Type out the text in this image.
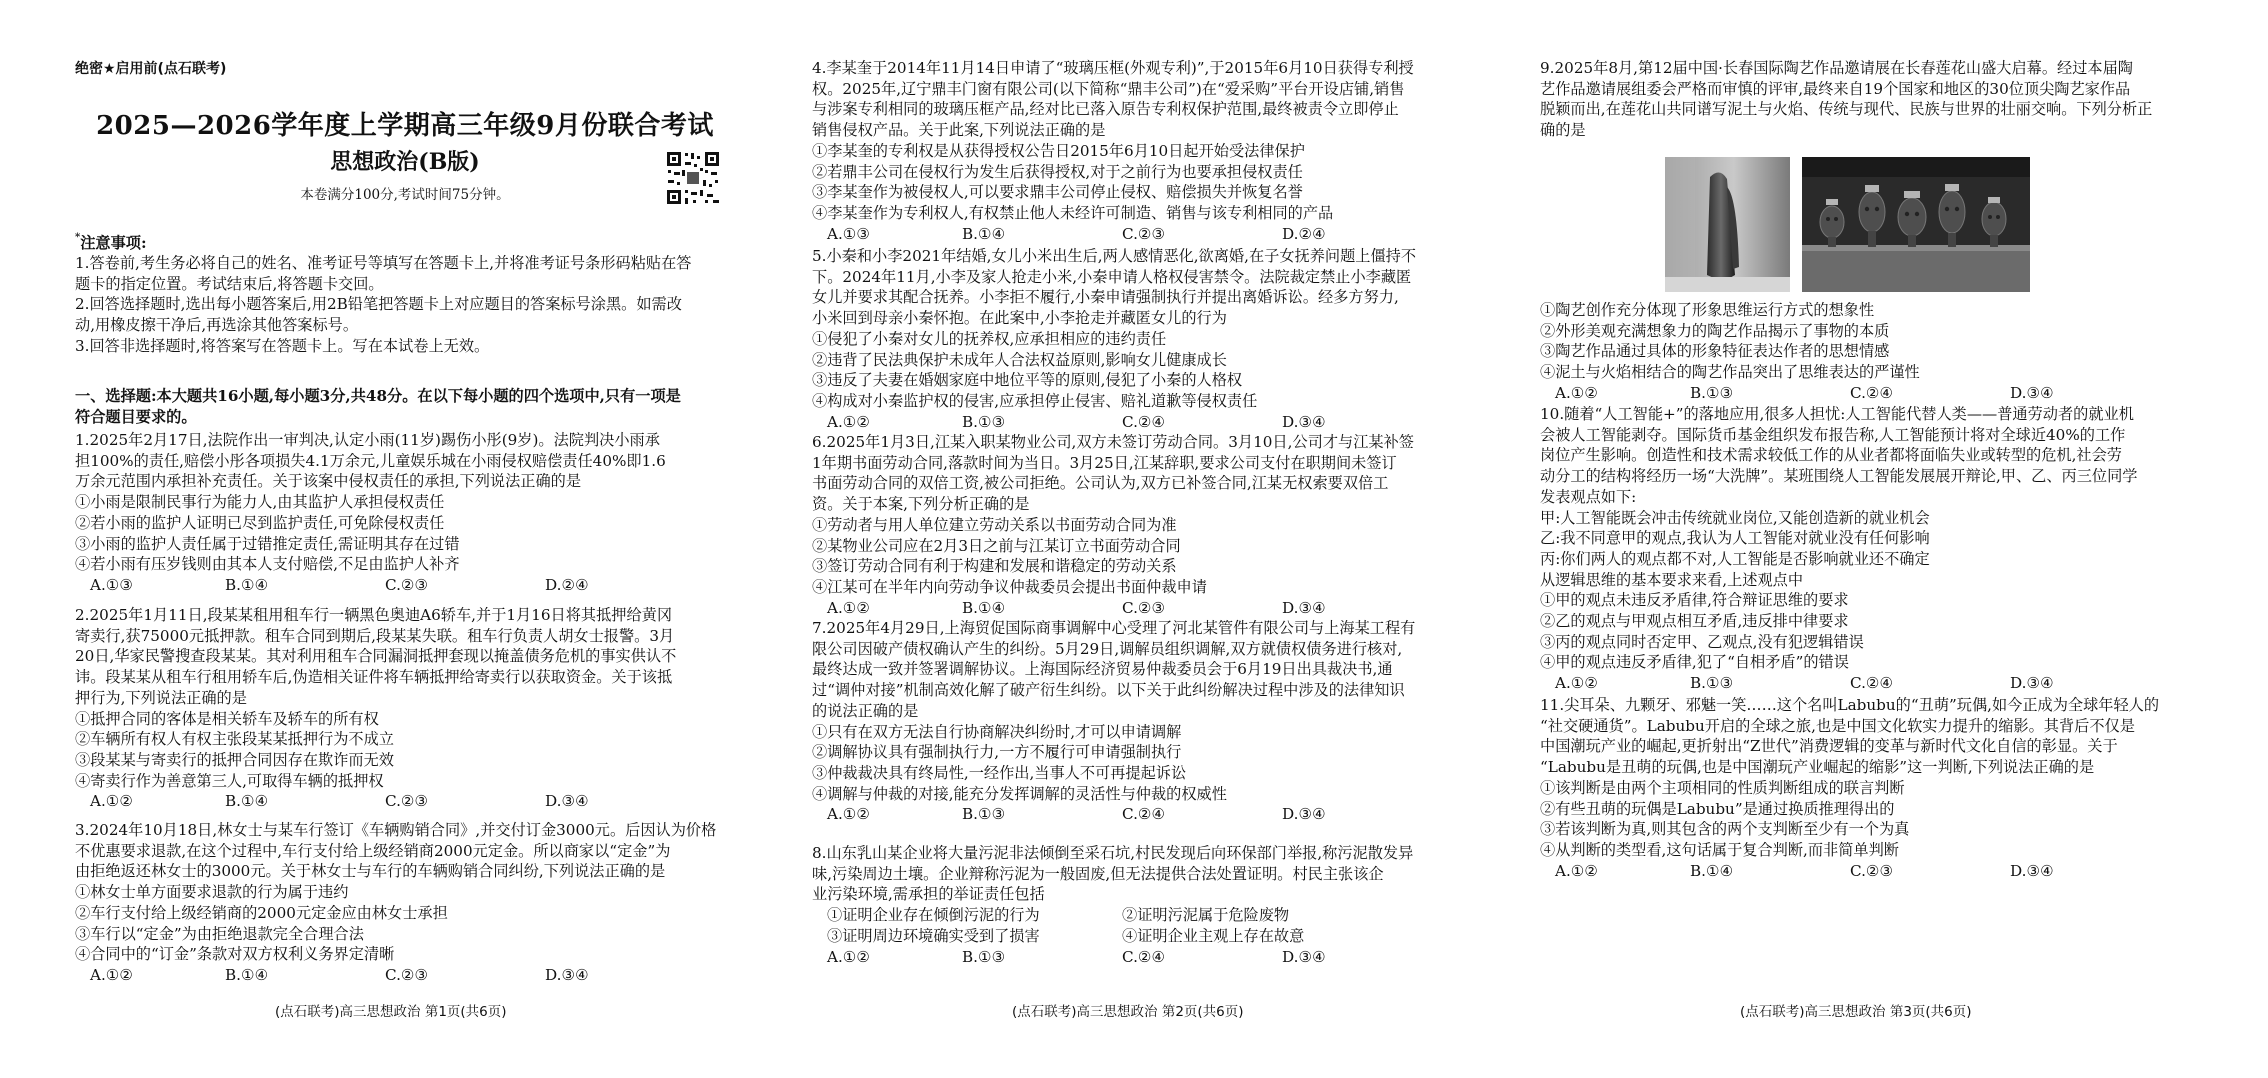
绝密★启用前(点石联考)
2025—2026学年度上学期高三年级9月份联合考试
思想政治(B版)
本卷满分100分,考试时间75分钟。
*注意事项:
1.答卷前,考生务必将自己的姓名、准考证号等填写在答题卡上,并将准考证号条形码粘贴在答
题卡的指定位置。考试结束后,将答题卡交回。
2.回答选择题时,选出每小题答案后,用2B铅笔把答题卡上对应题目的答案标号涂黑。如需改
动,用橡皮擦干净后,再选涂其他答案标号。
3.回答非选择题时,将答案写在答题卡上。写在本试卷上无效。
一、选择题:本大题共16小题,每小题3分,共48分。在以下每小题的四个选项中,只有一项是
符合题目要求的。
1.2025年2月17日,法院作出一审判决,认定小雨(11岁)踢伤小彤(9岁)。法院判决小雨承
担100%的责任,赔偿小彤各项损失4.1万余元,儿童娱乐城在小雨侵权赔偿责任40%即1.6
万余元范围内承担补充责任。关于该案中侵权责任的承担,下列说法正确的是
①小雨是限制民事行为能力人,由其监护人承担侵权责任
②若小雨的监护人证明已尽到监护责任,可免除侵权责任
③小雨的监护人责任属于过错推定责任,需证明其存在过错
④若小雨有压岁钱则由其本人支付赔偿,不足由监护人补齐
A.①③	B.①④	C.②③	D.②④
2.2025年1月11日,段某某租用租车行一辆黑色奥迪A6轿车,并于1月16日将其抵押给黄冈
寄卖行,获75000元抵押款。租车合同到期后,段某某失联。租车行负责人胡女士报警。3月
20日,华家民警搜查段某某。其对利用租车合同漏洞抵押套现以掩盖债务危机的事实供认不
讳。段某某从租车行租用轿车后,伪造相关证件将车辆抵押给寄卖行以获取资金。关于该抵
押行为,下列说法正确的是
①抵押合同的客体是相关轿车及轿车的所有权
②车辆所有权人有权主张段某某抵押行为不成立
③段某某与寄卖行的抵押合同因存在欺诈而无效
④寄卖行作为善意第三人,可取得车辆的抵押权
A.①②	B.①④	C.②③	D.③④
3.2024年10月18日,林女士与某车行签订《车辆购销合同》,并交付订金3000元。后因认为价格
不优惠要求退款,在这个过程中,车行支付给上级经销商2000元定金。所以商家以“定金”为
由拒绝返还林女士的3000元。关于林女士与车行的车辆购销合同纠纷,下列说法正确的是
①林女士单方面要求退款的行为属于违约
②车行支付给上级经销商的2000元定金应由林女士承担
③车行以“定金”为由拒绝退款完全合理合法
④合同中的“订金”条款对双方权利义务界定清晰
A.①②	B.①④	C.②③	D.③④
(点石联考)高三思想政治 第1页(共6页)
4.李某奎于2014年11月14日申请了“玻璃压框(外观专利)”,于2015年6月10日获得专利授
权。2025年,辽宁鼎丰门窗有限公司(以下简称“鼎丰公司”)在“爱采购”平台开设店铺,销售
与涉案专利相同的玻璃压框产品,经对比已落入原告专利权保护范围,最终被责令立即停止
销售侵权产品。关于此案,下列说法正确的是
①李某奎的专利权是从获得授权公告日2015年6月10日起开始受法律保护
②若鼎丰公司在侵权行为发生后获得授权,对于之前行为也要承担侵权责任
③李某奎作为被侵权人,可以要求鼎丰公司停止侵权、赔偿损失并恢复名誉
④李某奎作为专利权人,有权禁止他人未经许可制造、销售与该专利相同的产品
A.①③	B.①④	C.②③	D.②④
5.小秦和小李2021年结婚,女儿小米出生后,两人感情恶化,欲离婚,在子女抚养问题上僵持不
下。2024年11月,小李及家人抢走小米,小秦申请人格权侵害禁令。法院裁定禁止小李藏匿
女儿并要求其配合抚养。小李拒不履行,小秦申请强制执行并提出离婚诉讼。经多方努力,
小米回到母亲小秦怀抱。在此案中,小李抢走并藏匿女儿的行为
①侵犯了小秦对女儿的抚养权,应承担相应的违约责任
②违背了民法典保护未成年人合法权益原则,影响女儿健康成长
③违反了夫妻在婚姻家庭中地位平等的原则,侵犯了小秦的人格权
④构成对小秦监护权的侵害,应承担停止侵害、赔礼道歉等侵权责任
A.①②	B.①③	C.②④	D.③④
6.2025年1月3日,江某入职某物业公司,双方未签订劳动合同。3月10日,公司才与江某补签
1年期书面劳动合同,落款时间为当日。3月25日,江某辞职,要求公司支付在职期间未签订
书面劳动合同的双倍工资,被公司拒绝。公司认为,双方已补签合同,江某无权索要双倍工
资。关于本案,下列分析正确的是
①劳动者与用人单位建立劳动关系以书面劳动合同为准
②某物业公司应在2月3日之前与江某订立书面劳动合同
③签订劳动合同有利于构建和发展和谐稳定的劳动关系
④江某可在半年内向劳动争议仲裁委员会提出书面仲裁申请
A.①②	B.①④	C.②③	D.③④
7.2025年4月29日,上海贸促国际商事调解中心受理了河北某管件有限公司与上海某工程有
限公司因破产债权确认产生的纠纷。5月29日,调解员组织调解,双方就债权债务进行核对,
最终达成一致并签署调解协议。上海国际经济贸易仲裁委员会于6月19日出具裁决书,通
过“调仲对接”机制高效化解了破产衍生纠纷。以下关于此纠纷解决过程中涉及的法律知识
的说法正确的是
①只有在双方无法自行协商解决纠纷时,才可以申请调解
②调解协议具有强制执行力,一方不履行可申请强制执行
③仲裁裁决具有终局性,一经作出,当事人不可再提起诉讼
④调解与仲裁的对接,能充分发挥调解的灵活性与仲裁的权威性
A.①②	B.①③	C.②④	D.③④
8.山东乳山某企业将大量污泥非法倾倒至采石坑,村民发现后向环保部门举报,称污泥散发异
味,污染周边土壤。企业辩称污泥为一般固废,但无法提供合法处置证明。村民主张该企
业污染环境,需承担的举证责任包括
①证明企业存在倾倒污泥的行为	②证明污泥属于危险废物
③证明周边环境确实受到了损害	④证明企业主观上存在故意
A.①②	B.①③	C.②④	D.③④
(点石联考)高三思想政治 第2页(共6页)
9.2025年8月,第12届中国·长春国际陶艺作品邀请展在长春莲花山盛大启幕。经过本届陶
艺作品邀请展组委会严格而审慎的评审,最终来自19个国家和地区的30位顶尖陶艺家作品
脱颖而出,在莲花山共同谱写泥土与火焰、传统与现代、民族与世界的壮丽交响。下列分析正
确的是
①陶艺创作充分体现了形象思维运行方式的想象性
②外形美观充满想象力的陶艺作品揭示了事物的本质
③陶艺作品通过具体的形象特征表达作者的思想情感
④泥土与火焰相结合的陶艺作品突出了思维表达的严谨性
A.①②	B.①③	C.②④	D.③④
10.随着“人工智能+”的落地应用,很多人担忧:人工智能代替人类——普通劳动者的就业机
会被人工智能剥夺。国际货币基金组织发布报告称,人工智能预计将对全球近40%的工作
岗位产生影响。创造性和技术需求较低工作的从业者都将面临失业或转型的危机,社会劳
动分工的结构将经历一场“大洗牌”。某班围绕人工智能发展展开辩论,甲、乙、丙三位同学
发表观点如下:
甲:人工智能既会冲击传统就业岗位,又能创造新的就业机会
乙:我不同意甲的观点,我认为人工智能对就业没有任何影响
丙:你们两人的观点都不对,人工智能是否影响就业还不确定
从逻辑思维的基本要求来看,上述观点中
①甲的观点未违反矛盾律,符合辩证思维的要求
②乙的观点与甲观点相互矛盾,违反排中律要求
③丙的观点同时否定甲、乙观点,没有犯逻辑错误
④甲的观点违反矛盾律,犯了“自相矛盾”的错误
A.①②	B.①③	C.②④	D.③④
11.尖耳朵、九颗牙、邪魅一笑……这个名叫Labubu的“丑萌”玩偶,如今正成为全球年轻人的
“社交硬通货”。Labubu开启的全球之旅,也是中国文化软实力提升的缩影。其背后不仅是
中国潮玩产业的崛起,更折射出“Z世代”消费逻辑的变革与新时代文化自信的彰显。关于
“Labubu是丑萌的玩偶,也是中国潮玩产业崛起的缩影”这一判断,下列说法正确的是
①该判断是由两个主项相同的性质判断组成的联言判断
②有些丑萌的玩偶是Labubu”是通过换质推理得出的
③若该判断为真,则其包含的两个支判断至少有一个为真
④从判断的类型看,这句话属于复合判断,而非简单判断
A.①②	B.①④	C.②③	D.③④
(点石联考)高三思想政治 第3页(共6页)
